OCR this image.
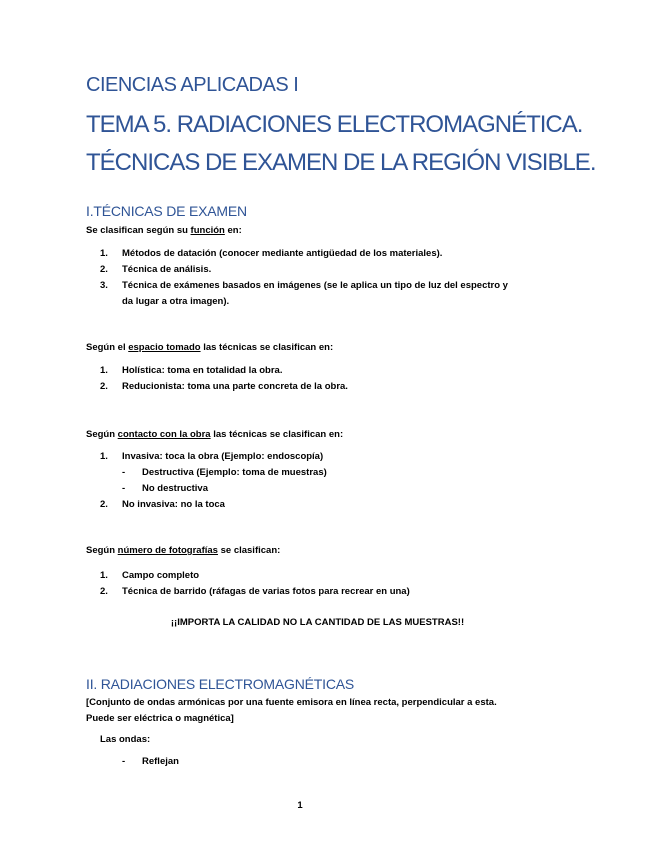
CIENCIAS APLICADAS I
TEMA 5. RADIACIONES ELECTROMAGNÉTICA.
TÉCNICAS DE EXAMEN DE LA REGIÓN VISIBLE.
I.TÉCNICAS DE EXAMEN
Se clasifican según su función en:
1. Métodos de datación (conocer mediante antigüedad de los materiales).
2. Técnica de análisis.
3. Técnica de exámenes basados en imágenes (se le aplica un tipo de luz del espectro y da lugar a otra imagen).
Según el espacio tomado las técnicas se clasifican en:
1. Holística: toma en totalidad la obra.
2. Reducionista: toma una parte concreta de la obra.
Según contacto con la obra las técnicas se clasifican en:
1. Invasiva: toca la obra (Ejemplo: endoscopía)
- Destructiva (Ejemplo: toma de muestras)
- No destructiva
2. No invasiva: no la toca
Según número de fotografías se clasifican:
1. Campo completo
2. Técnica de barrido (ráfagas de varias fotos para recrear en una)
¡¡IMPORTA LA CALIDAD NO LA CANTIDAD DE LAS MUESTRAS!!
II. RADIACIONES ELECTROMAGNÉTICAS
[Conjunto de ondas armónicas por una fuente emisora en línea recta, perpendicular a esta. Puede ser eléctrica o magnética]
Las ondas:
- Reflejan
1
